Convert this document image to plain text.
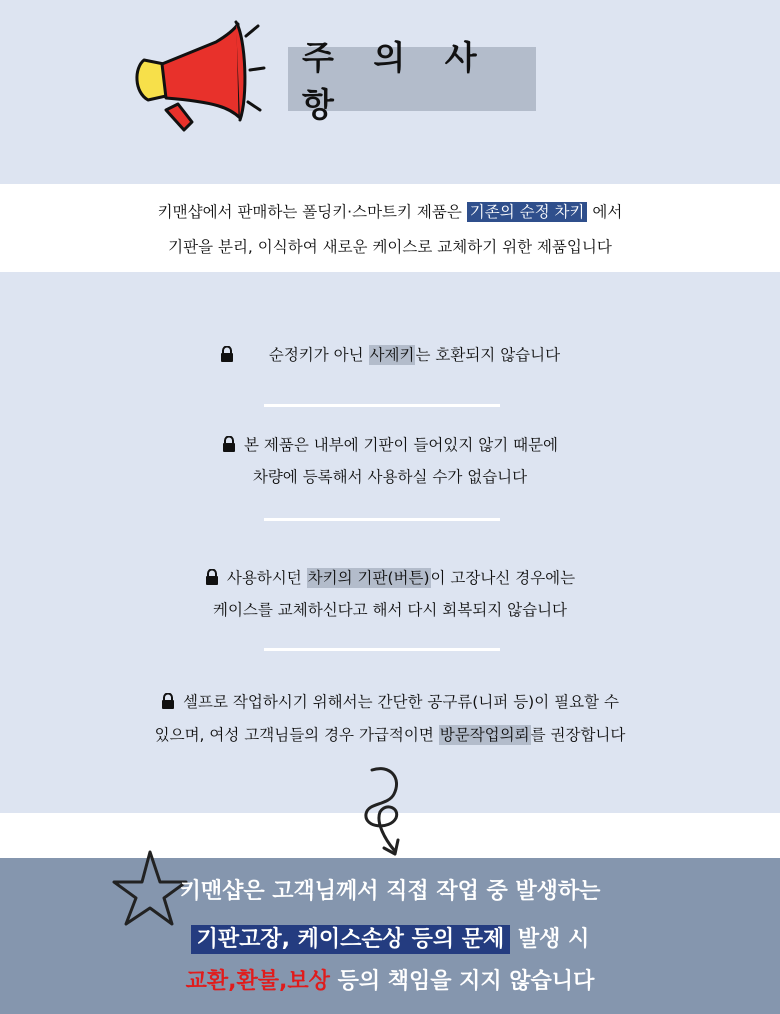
주 의 사 항
키맨샵에서 판매하는 폴딩키·스마트키 제품은 기존의 순정 차키 에서
기판을 분리, 이식하여 새로운 케이스로 교체하기 위한 제품입니다
순정키가 아닌 사제키는 호환되지 않습니다
본 제품은 내부에 기판이 들어있지 않기 때문에
차량에 등록해서 사용하실 수가 없습니다
사용하시던 차키의 기판(버튼)이 고장나신 경우에는
케이스를 교체하신다고 해서 다시 회복되지 않습니다
셀프로 작업하시기 위해서는 간단한 공구류(니퍼 등)이 필요할 수
있으며, 여성 고객님들의 경우 가급적이면 방문작업의뢰를 권장합니다
키맨샵은 고객님께서 직접 작업 중 발생하는
기판고장, 케이스손상 등의 문제 발생 시
교환,환불,보상 등의 책임을 지지 않습니다
